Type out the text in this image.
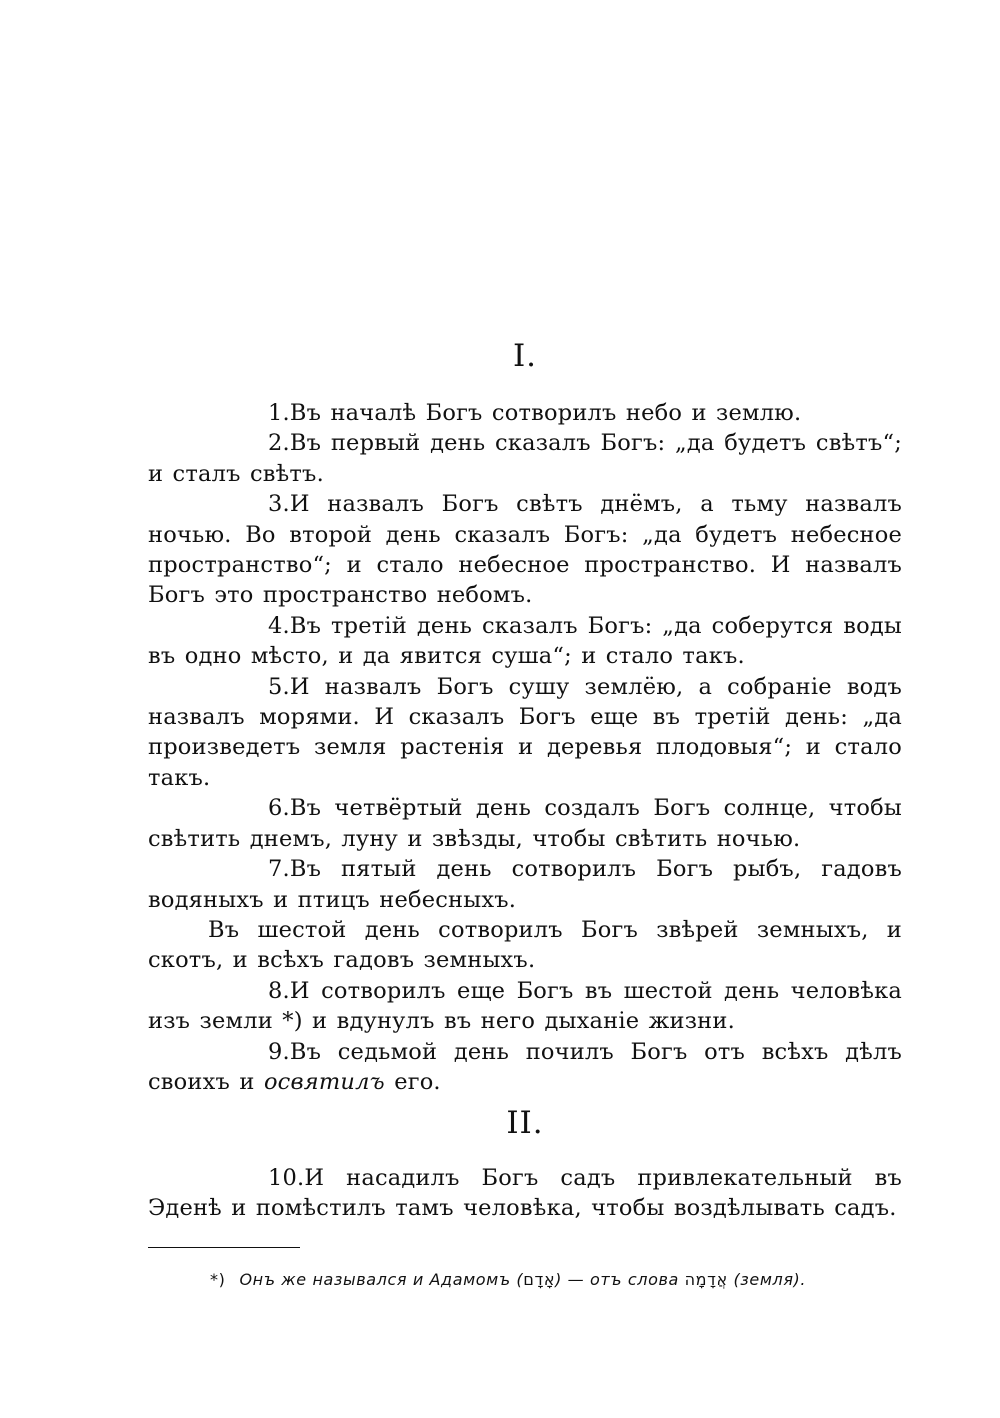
I.

1.Въ началѣ Богъ сотворилъ небо и землю.

2.Въ первый день сказалъ Богъ: „да будетъ свѣтъ“; и сталъ свѣтъ.

3.И назвалъ Богъ свѣтъ днёмъ, а тьму назвалъ ночью. Во второй день сказалъ Богъ: „да будетъ небесное пространство“; и стало небесное пространство. И назвалъ Богъ это пространство небомъ.

4.Въ третій день сказалъ Богъ: „да соберутся воды въ одно мѣсто, и да явится суша“; и стало такъ.

5.И назвалъ Богъ сушу землёю, а собраніе водъ назвалъ морями. И сказалъ Богъ еще въ третій день: „да произведетъ земля растенія и деревья плодовыя“; и стало такъ.

6.Въ четвёртый день создалъ Богъ солнце, чтобы свѣтить днемъ, луну и звѣзды, чтобы свѣтить ночью.

7.Въ пятый день сотворилъ Богъ рыбъ, гадовъ водяныхъ и птицъ небесныхъ.

Въ шестой день сотворилъ Богъ звѣрей земныхъ, и скотъ, и всѣхъ гадовъ земныхъ.

8.И сотворилъ еще Богъ въ шестой день человѣка изъ земли *) и вдунулъ въ него дыханіе жизни.

9.Въ седьмой день почилъ Богъ отъ всѣхъ дѣлъ своихъ и освятилъ его.

II.

10.И насадилъ Богъ садъ привлекательный въ Эденѣ и помѣстилъ тамъ человѣка, чтобы воздѣлывать садъ.

*) Онъ же назывался и Адамомъ (אָדָם) — отъ слова אֲדָמָה (земля).
